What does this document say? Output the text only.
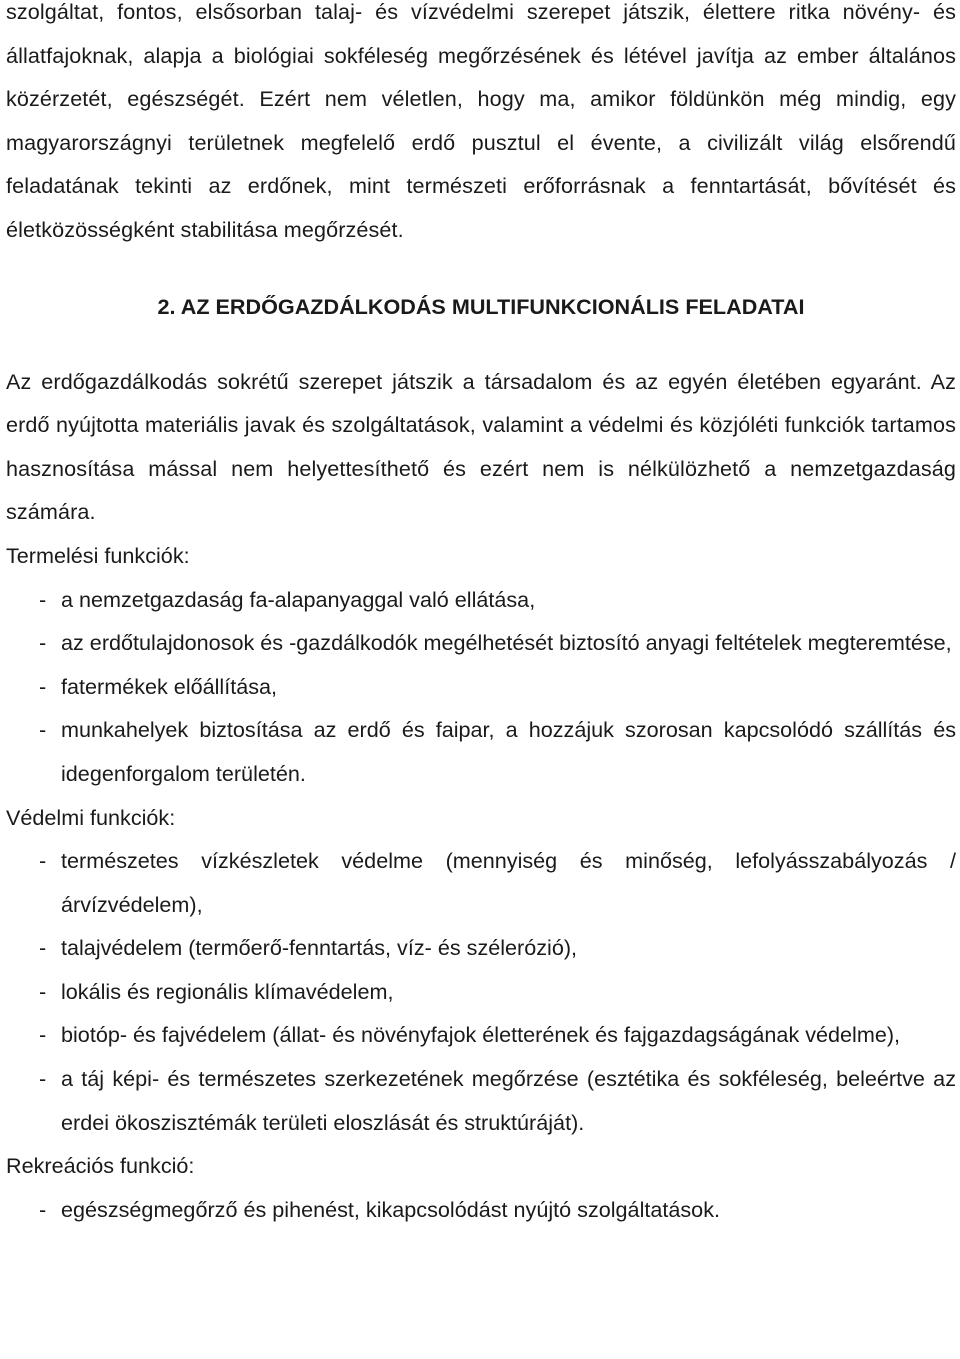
szolgáltat, fontos, elsősorban talaj- és vízvédelmi szerepet játszik, élettere ritka növény- és állatfajoknak, alapja a biológiai sokféleség megőrzésének és létével javítja az ember általános közérzetét, egészségét. Ezért nem véletlen, hogy ma, amikor földünkön még mindig, egy magyarországnyi területnek megfelelő erdő pusztul el évente, a civilizált világ elsőrendű feladatának tekinti az erdőnek, mint természeti erőforrásnak a fenntartását, bővítését és életközösségként stabilitása megőrzését.

2. AZ ERDŐGAZDÁLKODÁS MULTIFUNKCIONÁLIS FELADATAI

Az erdőgazdálkodás sokrétű szerepet játszik a társadalom és az egyén életében egyaránt. Az erdő nyújtotta materiális javak és szolgáltatások, valamint a védelmi és közjóléti funkciók tartamos hasznosítása mással nem helyettesíthető és ezért nem is nélkülözhető a nemzetgazdaság számára.

Termelési funkciók:

- a nemzetgazdaság fa-alapanyaggal való ellátása,
- az erdőtulajdonosok és -gazdálkodók megélhetését biztosító anyagi feltételek megteremtése,
- fatermékek előállítása,
- munkahelyek biztosítása az erdő és faipar, a hozzájuk szorosan kapcsolódó szállítás és idegenforgalom területén.

Védelmi funkciók:

- természetes vízkészletek védelme (mennyiség és minőség, lefolyásszabályozás /árvízvédelem),
- talajvédelem (termőerő-fenntartás, víz- és szélerózió),
- lokális és regionális klímavédelem,
- biotóp- és fajvédelem (állat- és növényfajok életterének és fajgazdagságának védelme),
- a táj képi- és természetes szerkezetének megőrzése (esztétika és sokféleség, beleértve az erdei ökoszisztémák területi eloszlását és struktúráját).

Rekreációs funkció:

- egészségmegőrző és pihenést, kikapcsolódást nyújtó szolgáltatások.
